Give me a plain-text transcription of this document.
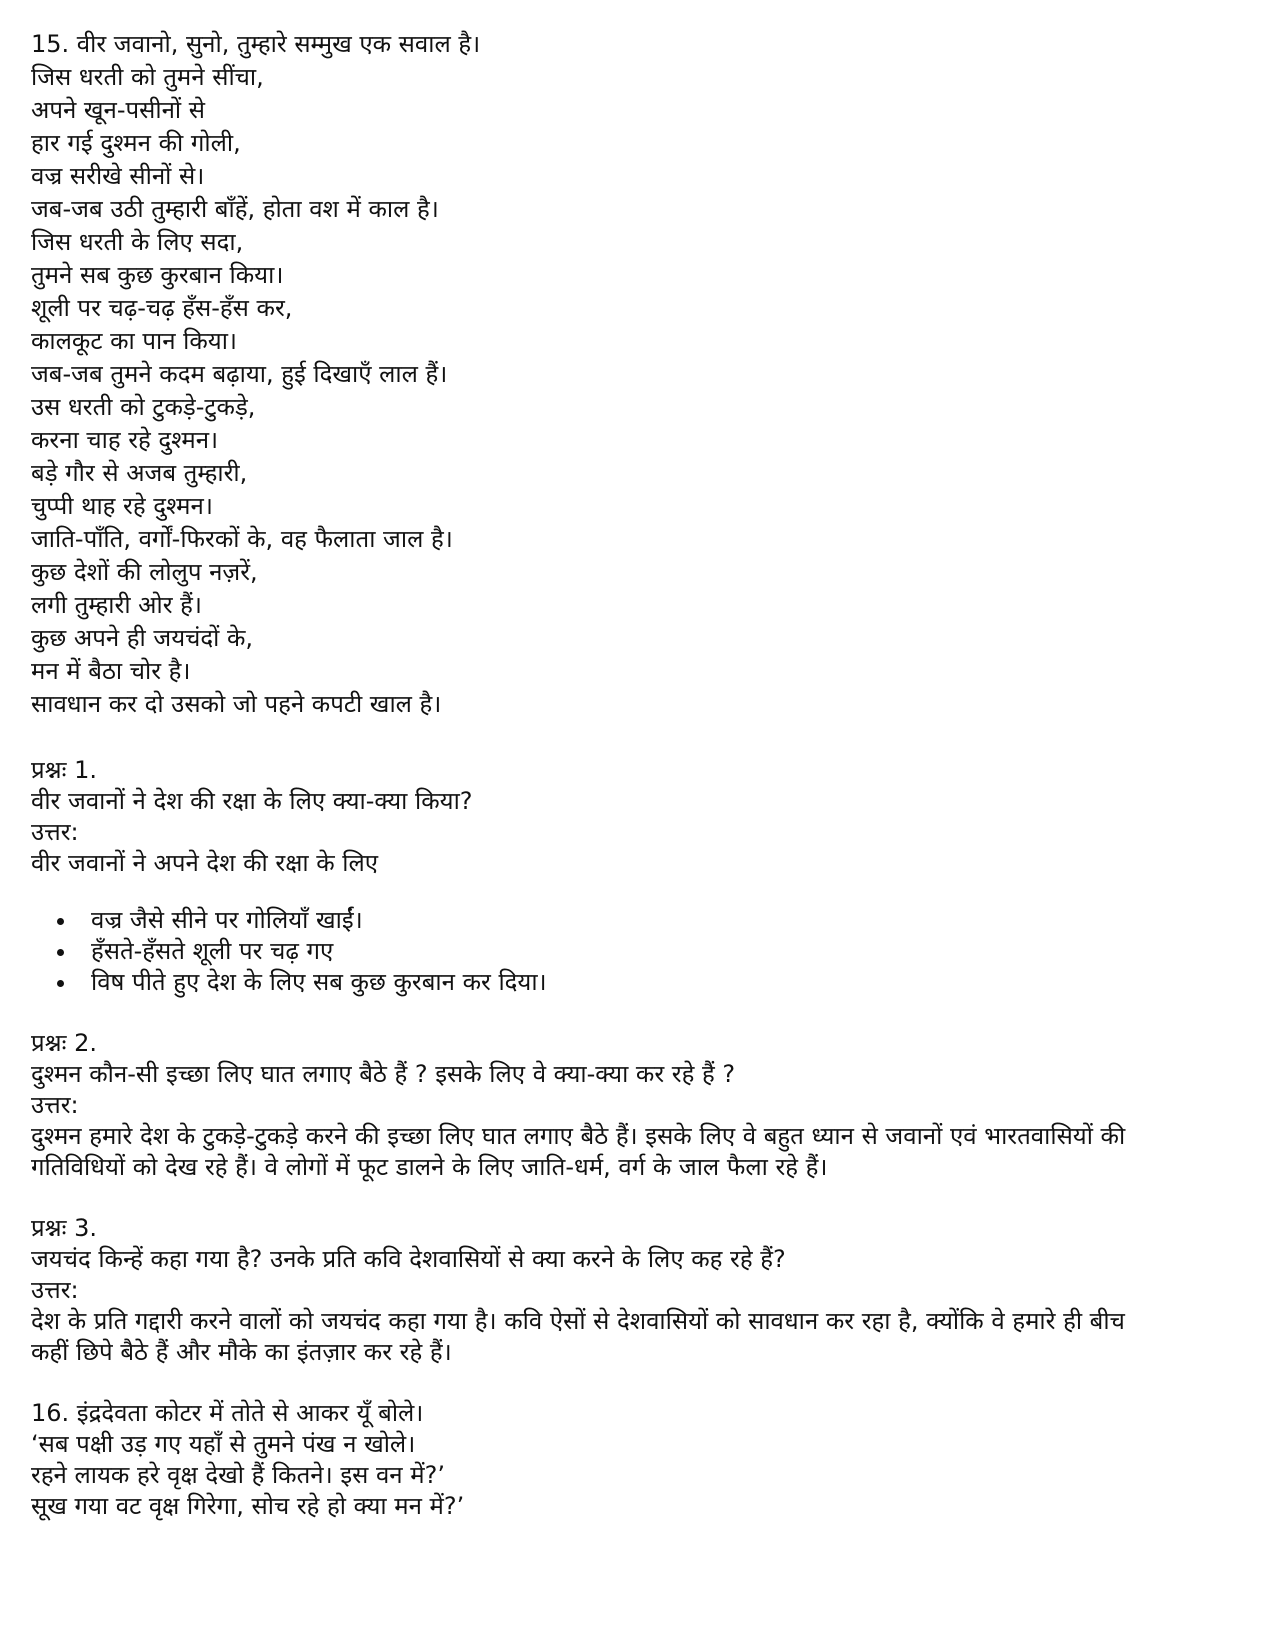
15. वीर जवानो, सुनो, तुम्हारे सम्मुख एक सवाल है।
जिस धरती को तुमने सींचा,
अपने खून-पसीनों से
हार गई दुश्मन की गोली,
वज्र सरीखे सीनों से।
जब-जब उठी तुम्हारी बाँहें, होता वश में काल है।
जिस धरती के लिए सदा,
तुमने सब कुछ कुरबान किया।
शूली पर चढ़-चढ़ हँस-हँस कर,
कालकूट का पान किया।
जब-जब तुमने कदम बढ़ाया, हुई दिखाएँ लाल हैं।
उस धरती को टुकड़े-टुकड़े,
करना चाह रहे दुश्मन।
बड़े गौर से अजब तुम्हारी,
चुप्पी थाह रहे दुश्मन।
जाति-पाँति, वर्गों-फिरकों के, वह फैलाता जाल है।
कुछ देशों की लोलुप नज़रें,
लगी तुम्हारी ओर हैं।
कुछ अपने ही जयचंदों के,
मन में बैठा चोर है।
सावधान कर दो उसको जो पहने कपटी खाल है।
प्रश्नः 1.
वीर जवानों ने देश की रक्षा के लिए क्या-क्या किया?
उत्तर:
वीर जवानों ने अपने देश की रक्षा के लिए
वज्र जैसे सीने पर गोलियाँ खाईं।
हँसते-हँसते शूली पर चढ़ गए
विष पीते हुए देश के लिए सब कुछ कुरबान कर दिया।
प्रश्नः 2.
दुश्मन कौन-सी इच्छा लिए घात लगाए बैठे हैं ? इसके लिए वे क्या-क्या कर रहे हैं ?
उत्तर:
दुश्मन हमारे देश के टुकड़े-टुकड़े करने की इच्छा लिए घात लगाए बैठे हैं। इसके लिए वे बहुत ध्यान से जवानों एवं भारतवासियों की
गतिविधियों को देख रहे हैं। वे लोगों में फूट डालने के लिए जाति-धर्म, वर्ग के जाल फैला रहे हैं।
प्रश्नः 3.
जयचंद किन्हें कहा गया है? उनके प्रति कवि देशवासियों से क्या करने के लिए कह रहे हैं?
उत्तर:
देश के प्रति गद्दारी करने वालों को जयचंद कहा गया है। कवि ऐसों से देशवासियों को सावधान कर रहा है, क्योंकि वे हमारे ही बीच
कहीं छिपे बैठे हैं और मौके का इंतज़ार कर रहे हैं।
16. इंद्रदेवता कोटर में तोते से आकर यूँ बोले।
‘सब पक्षी उड़ गए यहाँ से तुमने पंख न खोले।
रहने लायक हरे वृक्ष देखो हैं कितने। इस वन में?’
सूख गया वट वृक्ष गिरेगा, सोच रहे हो क्या मन में?’
